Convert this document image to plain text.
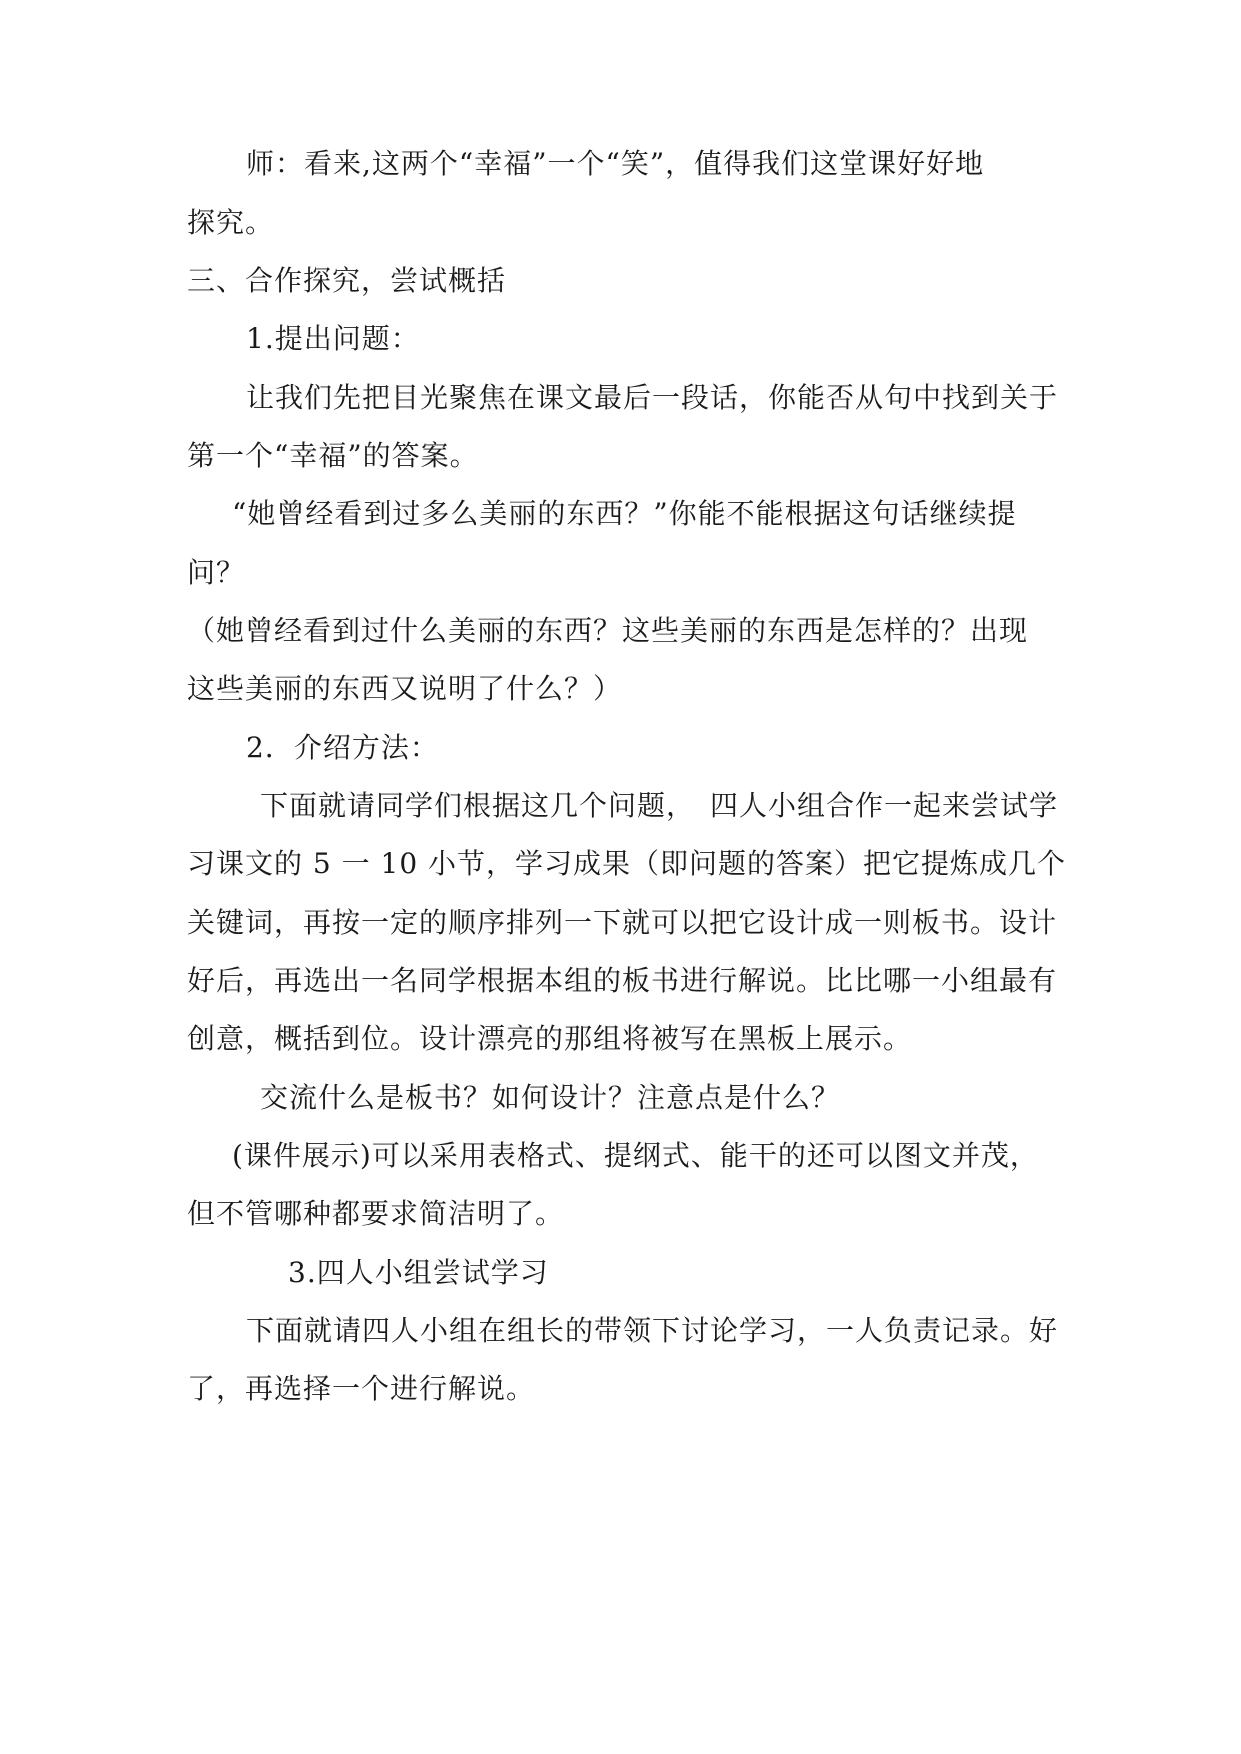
师：看来,这两个“幸福”一个“笑”，值得我们这堂课好好地
探究。
三、合作探究，尝试概括
1.提出问题：
让我们先把目光聚焦在课文最后一段话，你能否从句中找到关于
第一个“幸福”的答案。
“她曾经看到过多么美丽的东西？”你能不能根据这句话继续提
问？
（她曾经看到过什么美丽的东西？这些美丽的东西是怎样的？出现
这些美丽的东西又说明了什么？）
2．介绍方法：
下面就请同学们根据这几个问题，　四人小组合作一起来尝试学
习课文的 5 一 10 小节，学习成果（即问题的答案）把它提炼成几个
关键词，再按一定的顺序排列一下就可以把它设计成一则板书。设计
好后，再选出一名同学根据本组的板书进行解说。比比哪一小组最有
创意，概括到位。设计漂亮的那组将被写在黑板上展示。
交流什么是板书？如何设计？注意点是什么？
(课件展示)可以采用表格式、提纲式、能干的还可以图文并茂，
但不管哪种都要求简洁明了。
3.四人小组尝试学习
下面就请四人小组在组长的带领下讨论学习，一人负责记录。好
了，再选择一个进行解说。
